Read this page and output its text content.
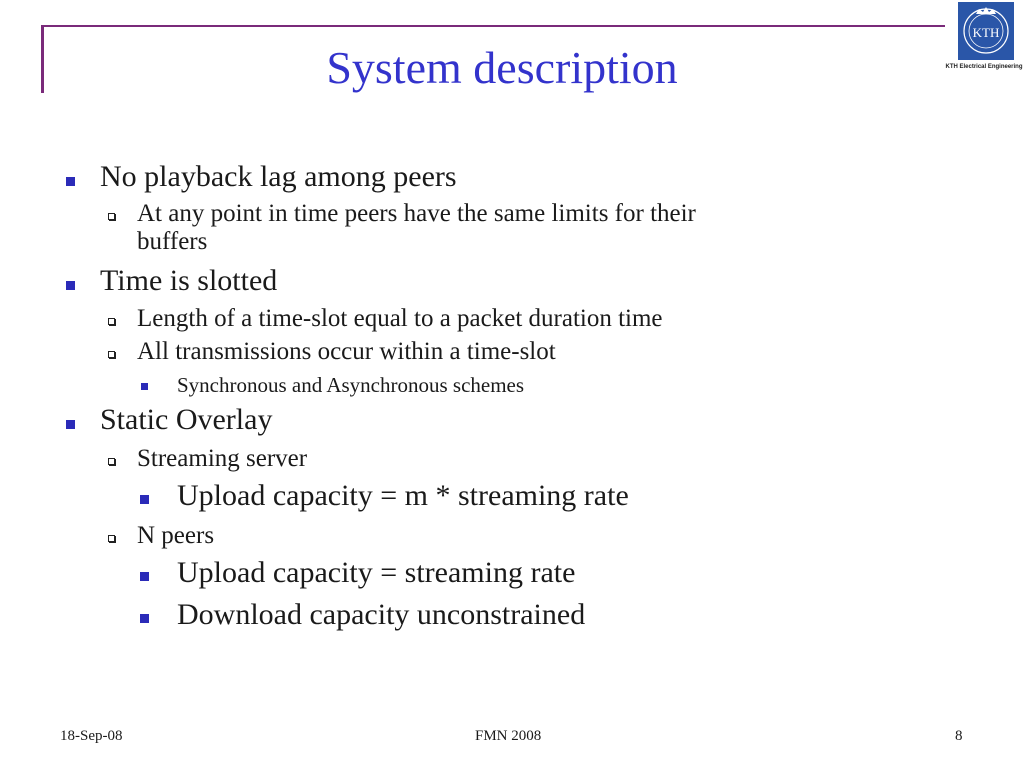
System description
KTH
KTH Electrical Engineering
No playback lag among peers
At any point in time peers have the same limits for their
buffers
Time is slotted
Length of a time-slot equal to a packet duration time
All transmissions occur within a time-slot
Synchronous and Asynchronous schemes
Static Overlay
Streaming server
Upload capacity = m * streaming rate
N peers
Upload capacity = streaming rate
Download capacity unconstrained
18-Sep-08	FMN 2008	8
